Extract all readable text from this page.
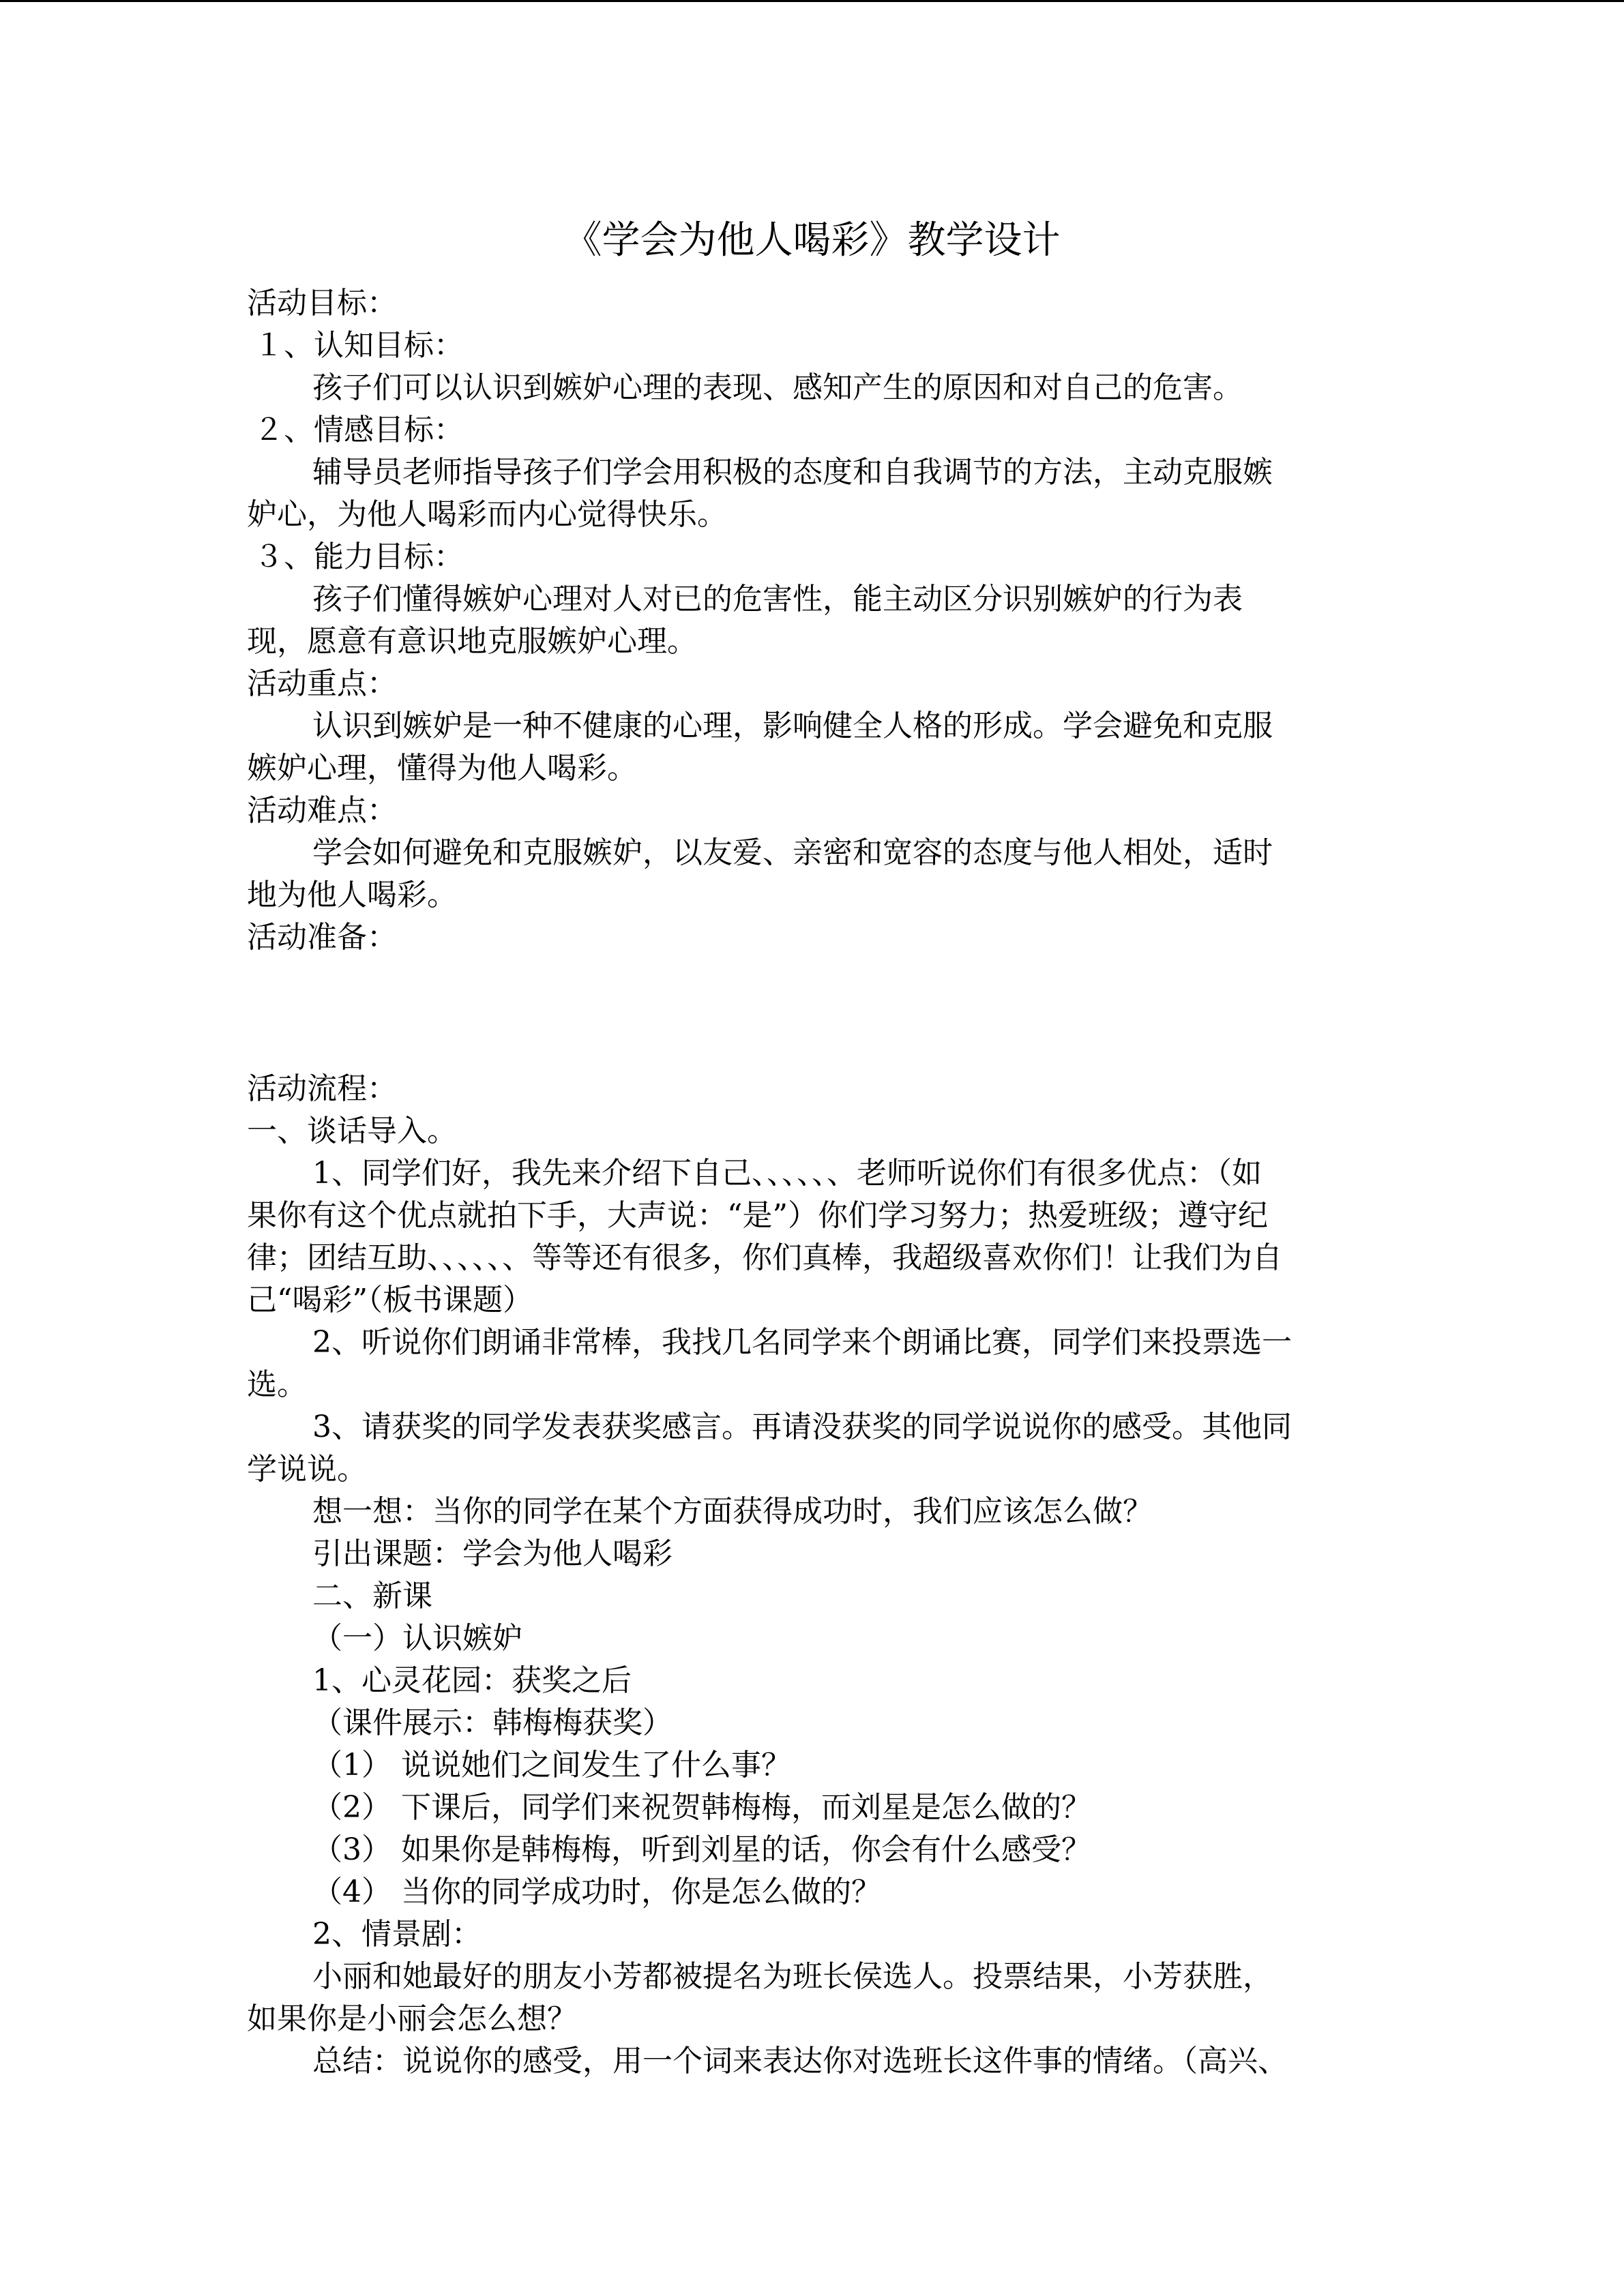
《学会为他人喝彩》教学设计
活动目标：
１、认知目标：
孩子们可以认识到嫉妒心理的表现、感知产生的原因和对自己的危害。
２、情感目标：
辅导员老师指导孩子们学会用积极的态度和自我调节的方法，主动克服嫉
妒心，为他人喝彩而内心觉得快乐。
３、能力目标：
孩子们懂得嫉妒心理对人对已的危害性，能主动区分识别嫉妒的行为表
现，愿意有意识地克服嫉妒心理。
活动重点：
认识到嫉妒是一种不健康的心理，影响健全人格的形成。学会避免和克服
嫉妒心理，懂得为他人喝彩。
活动难点：
学会如何避免和克服嫉妒，以友爱、亲密和宽容的态度与他人相处，适时
地为他人喝彩。
活动准备：
活动流程：
一、谈话导入。
1、同学们好，我先来介绍下自己、、、、、、老师听说你们有很多优点：（如
果你有这个优点就拍下手，大声说：“是”）你们学习努力；热爱班级；遵守纪
律；团结互助、、、、、、等等还有很多，你们真棒，我超级喜欢你们！让我们为自
己“喝彩”（板书课题）
2、听说你们朗诵非常棒，我找几名同学来个朗诵比赛，同学们来投票选一
选。
3、请获奖的同学发表获奖感言。再请没获奖的同学说说你的感受。其他同
学说说。
想一想：当你的同学在某个方面获得成功时，我们应该怎么做？
引出课题：学会为他人喝彩
二、新课
（一）认识嫉妒
1、心灵花园：获奖之后
（课件展示：韩梅梅获奖）
（1） 说说她们之间发生了什么事？
（2） 下课后，同学们来祝贺韩梅梅，而刘星是怎么做的？
（3） 如果你是韩梅梅，听到刘星的话，你会有什么感受？
（4） 当你的同学成功时，你是怎么做的？
2、情景剧：
小丽和她最好的朋友小芳都被提名为班长侯选人。投票结果，小芳获胜，
如果你是小丽会怎么想？
总结：说说你的感受，用一个词来表达你对选班长这件事的情绪。（高兴、
